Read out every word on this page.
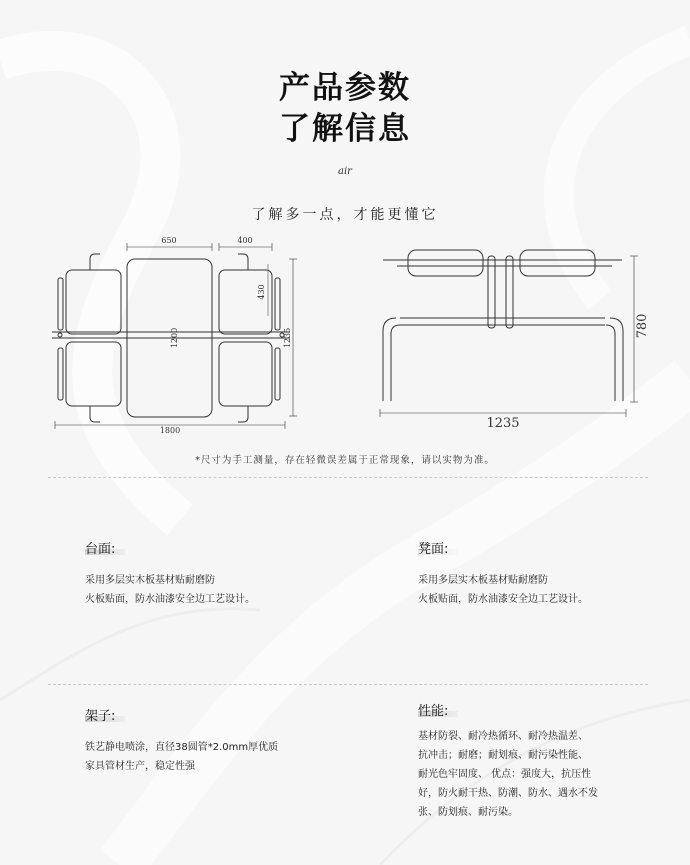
产品参数
了解信息
air
了解多一点，才能更懂它
650	400
1200
430
1235
1800
780
1235
*尺寸为手工测量，存在轻微误差属于正常现象，请以实物为准。
台面:
采用多层实木板基材贴耐磨防
火板贴面，防水油漆安全边工艺设计。
凳面:
采用多层实木板基材贴耐磨防
火板贴面，防水油漆安全边工艺设计。
架子:
铁艺静电喷涂，直径38圆管*2.0mm厚优质
家具管材生产，稳定性强
性能:
基材防裂、耐冷热循环、耐冷热温差、
抗冲击；耐磨；耐划痕、耐污染性能、
耐光色牢固度、 优点：强度大，抗压性
好，防火耐干热、防潮、防水、遇水不发
张、防划痕、耐污染。
